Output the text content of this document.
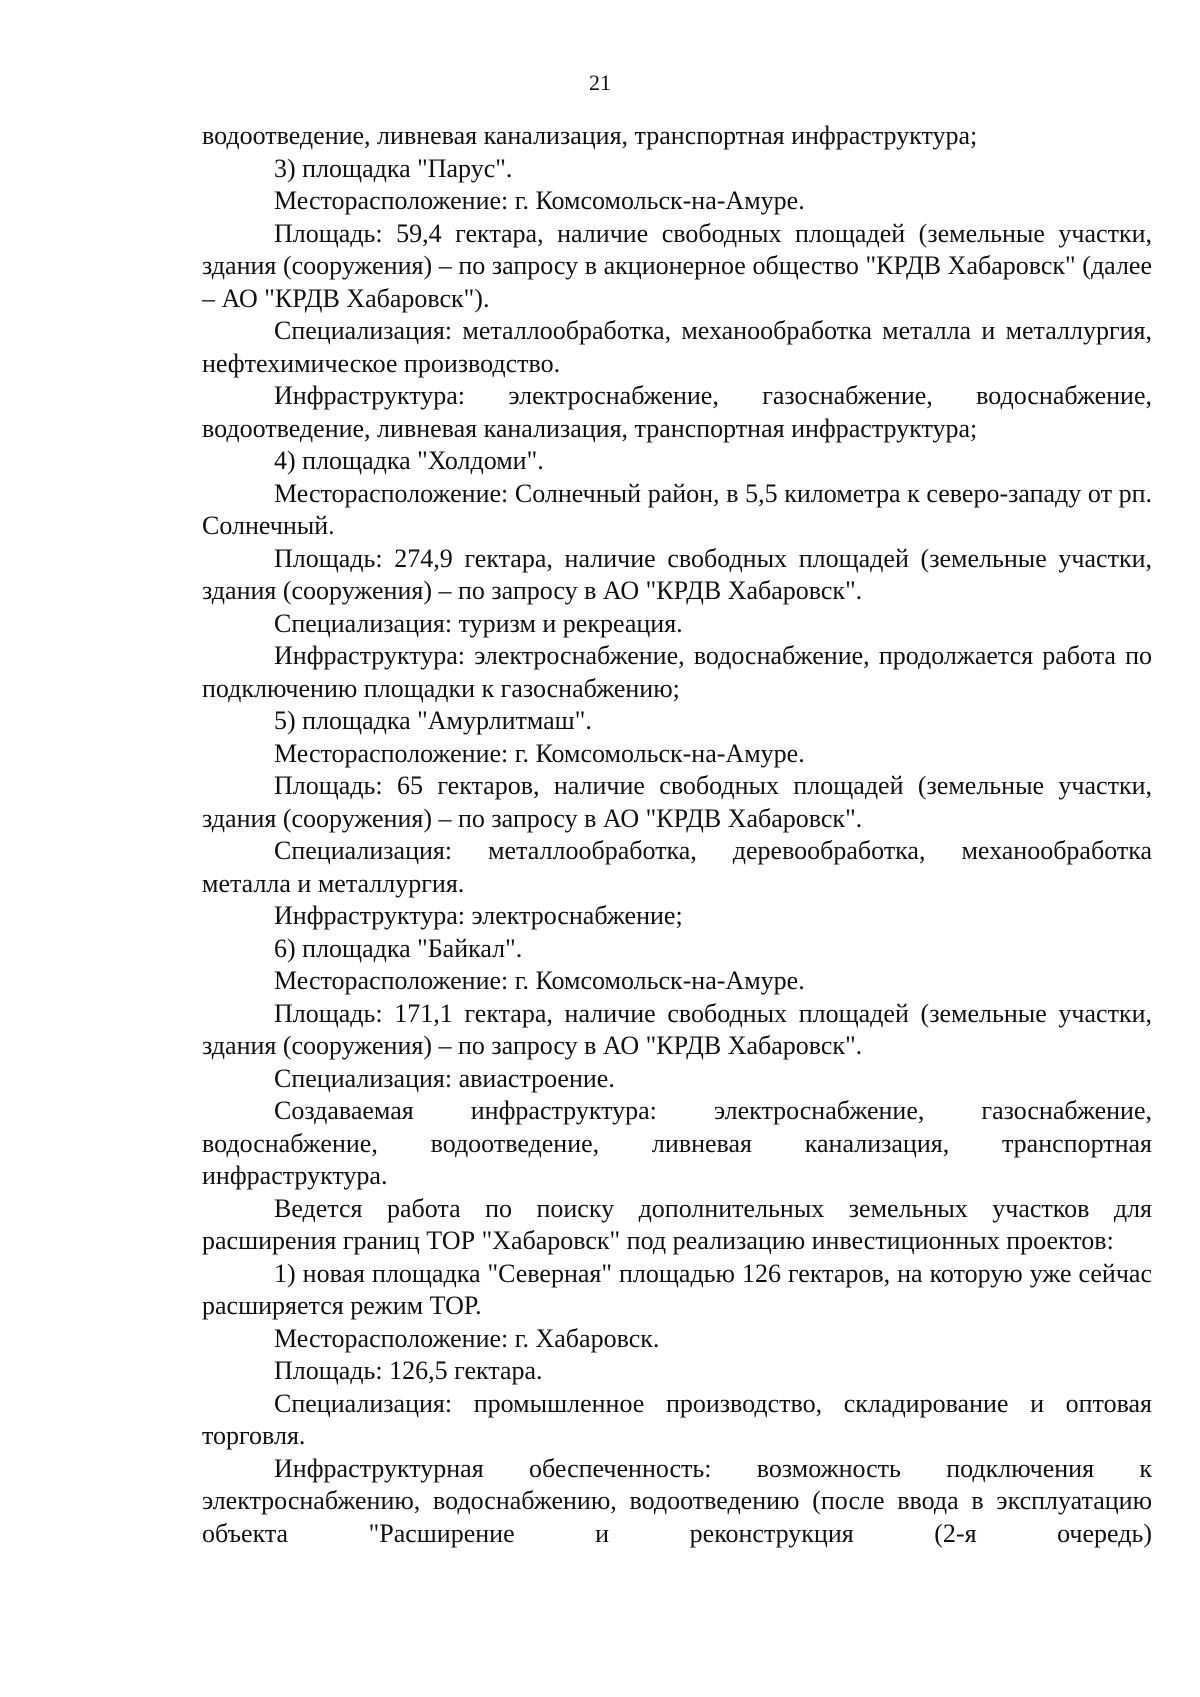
21

водоотведение, ливневая канализация, транспортная инфраструктура;

3) площадка "Парус".

Месторасположение: г. Комсомольск-на-Амуре.

Площадь: 59,4 гектара, наличие свободных площадей (земельные участки, здания (сооружения) – по запросу в акционерное общество "КРДВ Хабаровск" (далее – АО "КРДВ Хабаровск").

Специализация: металлообработка, механообработка металла и металлургия, нефтехимическое производство.

Инфраструктура: электроснабжение, газоснабжение, водоснабжение, водоотведение, ливневая канализация, транспортная инфраструктура;

4) площадка "Холдоми".

Месторасположение: Солнечный район, в 5,5 километра к северо-западу от рп. Солнечный.

Площадь: 274,9 гектара, наличие свободных площадей (земельные участки, здания (сооружения) – по запросу в АО "КРДВ Хабаровск".

Специализация: туризм и рекреация.

Инфраструктура: электроснабжение, водоснабжение, продолжается работа по подключению площадки к газоснабжению;

5) площадка "Амурлитмаш".

Месторасположение: г. Комсомольск-на-Амуре.

Площадь: 65 гектаров, наличие свободных площадей (земельные участки, здания (сооружения) – по запросу в АО "КРДВ Хабаровск".

Специализация: металлообработка, деревообработка, механообработка металла и металлургия.

Инфраструктура: электроснабжение;

6) площадка "Байкал".

Месторасположение: г. Комсомольск-на-Амуре.

Площадь: 171,1 гектара, наличие свободных площадей (земельные участки, здания (сооружения) – по запросу в АО "КРДВ Хабаровск".

Специализация: авиастроение.

Создаваемая инфраструктура: электроснабжение, газоснабжение, водоснабжение, водоотведение, ливневая канализация, транспортная инфраструктура.

Ведется работа по поиску дополнительных земельных участков для расширения границ ТОР "Хабаровск" под реализацию инвестиционных проектов:

1) новая площадка "Северная" площадью 126 гектаров, на которую уже сейчас расширяется режим ТОР.

Месторасположение: г. Хабаровск.

Площадь: 126,5 гектара.

Специализация: промышленное производство, складирование и оптовая торговля.

Инфраструктурная обеспеченность: возможность подключения к электроснабжению, водоснабжению, водоотведению (после ввода в эксплуатацию объекта "Расширение и реконструкция (2-я очередь)
